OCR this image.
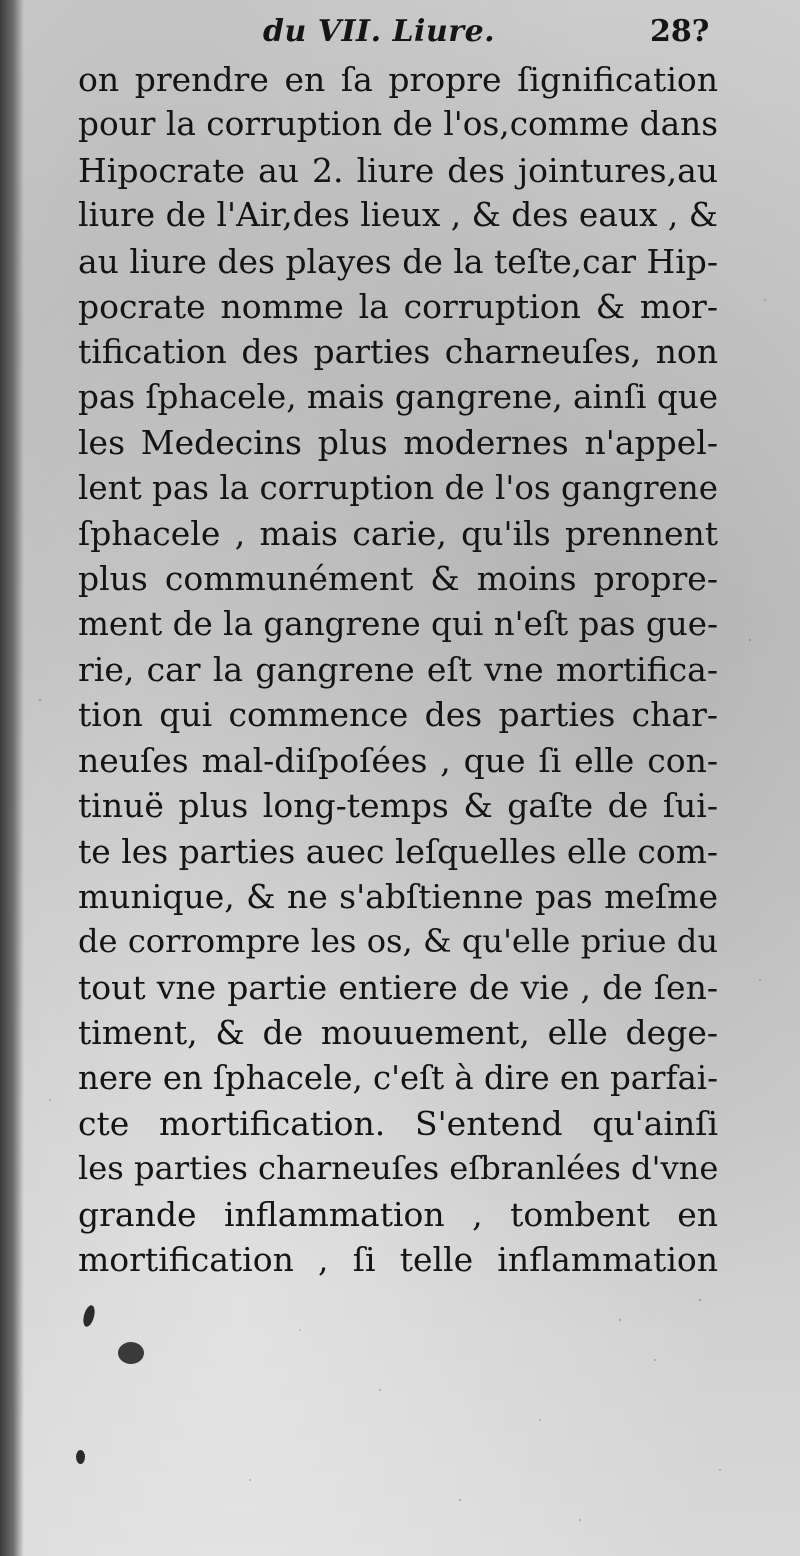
du VII. Liure.	28?
on prendre en ſa propre ſignification
pour la corruption de l'os,comme dans
Hipocrate au 2. liure des jointures,au
liure de l'Air,des lieux , & des eaux , &
au liure des playes de la teſte,car Hip-
pocrate nomme la corruption & mor-
tification des parties charneuſes, non
pas ſphacele, mais gangrene, ainſi que
les Medecins plus modernes n'appel-
lent pas la corruption de l'os gangrene
ſphacele , mais carie, qu'ils prennent
plus communément & moins propre-
ment de la gangrene qui n'eſt pas gue-
rie, car la gangrene eſt vne mortifica-
tion qui commence des parties char-
neuſes mal-diſpoſées , que ſi elle con-
tinuë plus long-temps & gaſte de ſui-
te les parties auec leſquelles elle com-
munique, & ne s'abſtienne pas meſme
de corrompre les os, & qu'elle priue du
tout vne partie entiere de vie , de ſen-
timent, & de mouuement, elle dege-
nere en ſphacele, c'eſt à dire en parfai-
cte mortification. S'entend qu'ainſi
les parties charneuſes eſbranlées d'vne
grande inflammation , tombent en
mortification , ſi telle inflammation
